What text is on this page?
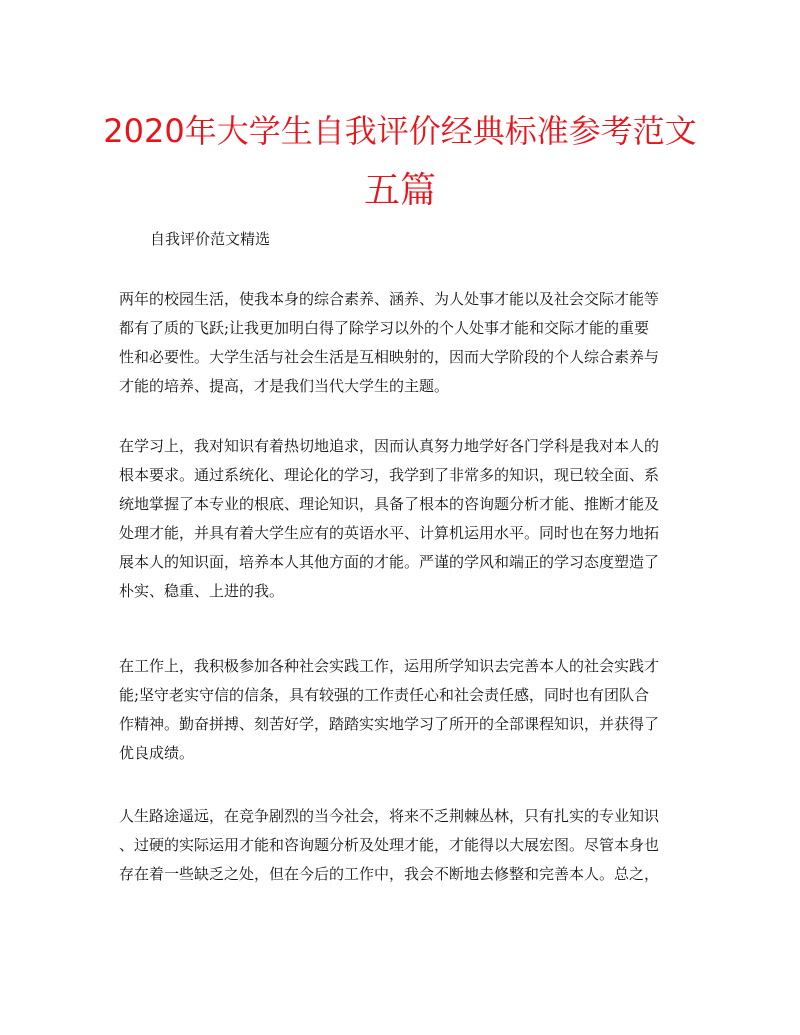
2020年大学生自我评价经典标准参考范文
五篇
自我评价范文精选
两年的校园生活，使我本身的综合素养、涵养、为人处事才能以及社会交际才能等
都有了质的飞跃;让我更加明白得了除学习以外的个人处事才能和交际才能的重要
性和必要性。大学生活与社会生活是互相映射的，因而大学阶段的个人综合素养与
才能的培养、提高，才是我们当代大学生的主题。
在学习上，我对知识有着热切地追求，因而认真努力地学好各门学科是我对本人的
根本要求。通过系统化、理论化的学习，我学到了非常多的知识，现已较全面、系
统地掌握了本专业的根底、理论知识，具备了根本的咨询题分析才能、推断才能及
处理才能，并具有着大学生应有的英语水平、计算机运用水平。同时也在努力地拓
展本人的知识面，培养本人其他方面的才能。严谨的学风和端正的学习态度塑造了
朴实、稳重、上进的我。
在工作上，我积极参加各种社会实践工作，运用所学知识去完善本人的社会实践才
能;坚守老实守信的信条，具有较强的工作责任心和社会责任感，同时也有团队合
作精神。勤奋拼搏、刻苦好学，踏踏实实地学习了所开的全部课程知识，并获得了
优良成绩。
人生路途遥远，在竞争剧烈的当今社会，将来不乏荆棘丛林，只有扎实的专业知识
、过硬的实际运用才能和咨询题分析及处理才能，才能得以大展宏图。尽管本身也
存在着一些缺乏之处，但在今后的工作中，我会不断地去修整和完善本人。总之，
